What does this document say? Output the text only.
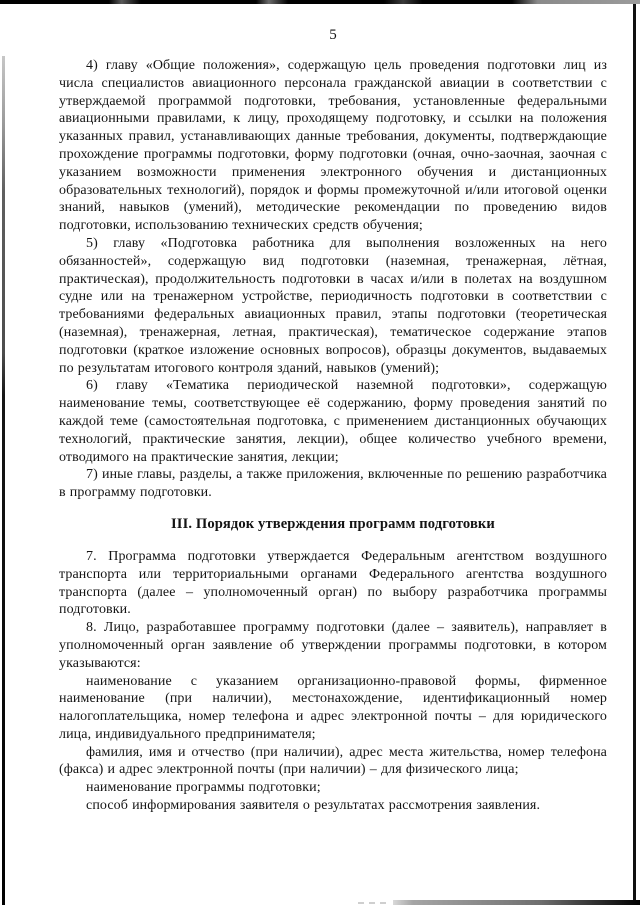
5

4) главу «Общие положения», содержащую цель проведения подготовки лиц из числа специалистов авиационного персонала гражданской авиации в соответствии с утверждаемой программой подготовки, требования, установленные федеральными авиационными правилами, к лицу, проходящему подготовку, и ссылки на положения указанных правил, устанавливающих данные требования, документы, подтверждающие прохождение программы подготовки, форму подготовки (очная, очно-заочная, заочная с указанием возможности применения электронного обучения и дистанционных образовательных технологий), порядок и формы промежуточной и/или итоговой оценки знаний, навыков (умений), методические рекомендации по проведению видов подготовки, использованию технических средств обучения;

5) главу «Подготовка работника для выполнения возложенных на него обязанностей», содержащую вид подготовки (наземная, тренажерная, лётная, практическая), продолжительность подготовки в часах и/или в полетах на воздушном судне или на тренажерном устройстве, периодичность подготовки в соответствии с требованиями федеральных авиационных правил, этапы подготовки (теоретическая (наземная), тренажерная, летная, практическая), тематическое содержание этапов подготовки (краткое изложение основных вопросов), образцы документов, выдаваемых по результатам итогового контроля зданий, навыков (умений);

6) главу «Тематика периодической наземной подготовки», содержащую наименование темы, соответствующее её содержанию, форму проведения занятий по каждой теме (самостоятельная подготовка, с применением дистанционных обучающих технологий, практические занятия, лекции), общее количество учебного времени, отводимого на практические занятия, лекции;

7) иные главы, разделы, а также приложения, включенные по решению разработчика в программу подготовки.

III. Порядок утверждения программ подготовки

7. Программа подготовки утверждается Федеральным агентством воздушного транспорта или территориальными органами Федерального агентства воздушного транспорта (далее – уполномоченный орган) по выбору разработчика программы подготовки.

8. Лицо, разработавшее программу подготовки (далее – заявитель), направляет в уполномоченный орган заявление об утверждении программы подготовки, в котором указываются:

наименование с указанием организационно-правовой формы, фирменное наименование (при наличии), местонахождение, идентификационный номер налогоплательщика, номер телефона и адрес электронной почты – для юридического лица, индивидуального предпринимателя;

фамилия, имя и отчество (при наличии), адрес места жительства, номер телефона (факса) и адрес электронной почты (при наличии) – для физического лица;

наименование программы подготовки;

способ информирования заявителя о результатах рассмотрения заявления.
